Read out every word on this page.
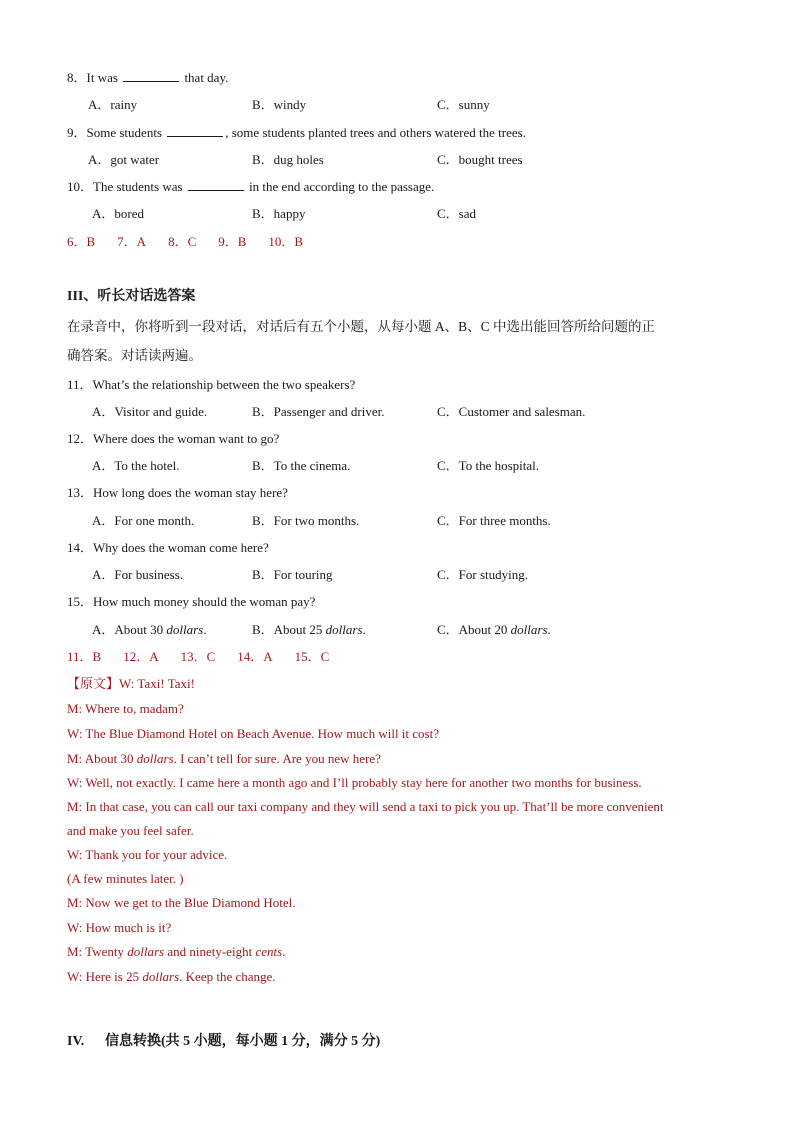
8．It was	that day.
A．rainy	B．windy	C．sunny
9．Some students	, some students planted trees and others watered the trees.
A．got water	B．dug holes	C．bought trees
10．The students was	in the end according to the passage.
A．bored	B．happy	C．sad
6．B 7．A 8．C 9．B 10．B
III、听长对话选答案
在录音中，你将听到一段对话，对话后有五个小题，从每小题 A、B、C 中选出能回答所给问题的正
确答案。对话读两遍。
11．What’s the relationship between the two speakers?
A．Visitor and guide.	B．Passenger and driver.	C．Customer and salesman.
12．Where does the woman want to go?
A．To the hotel.	B．To the cinema.	C．To the hospital.
13．How long does the woman stay here?
A．For one month.	B．For two months.	C．For three months.
14．Why does the woman come here?
A．For business.	B．For touring	C．For studying.
15．How much money should the woman pay?
A．About 30 dollars.	B．About 25 dollars.	C．About 20 dollars.
11．B 12．A 13．C 14．A 15．C
【原文】W: Taxi! Taxi!
M: Where to, madam?
W: The Blue Diamond Hotel on Beach Avenue. How much will it cost?
M: About 30 dollars. I can’t tell for sure. Are you new here?
W: Well, not exactly. I came here a month ago and I’ll probably stay here for another two months for business.
M: In that case, you can call our taxi company and they will send a taxi to pick you up. That’ll be more convenient
and make you feel safer.
W: Thank you for your advice.
(A few minutes later. )
M: Now we get to the Blue Diamond Hotel.
W: How much is it?
M: Twenty dollars and ninety-eight cents.
W: Here is 25 dollars. Keep the change.
IV. 信息转换(共 5 小题，每小题 1 分，满分 5 分)
